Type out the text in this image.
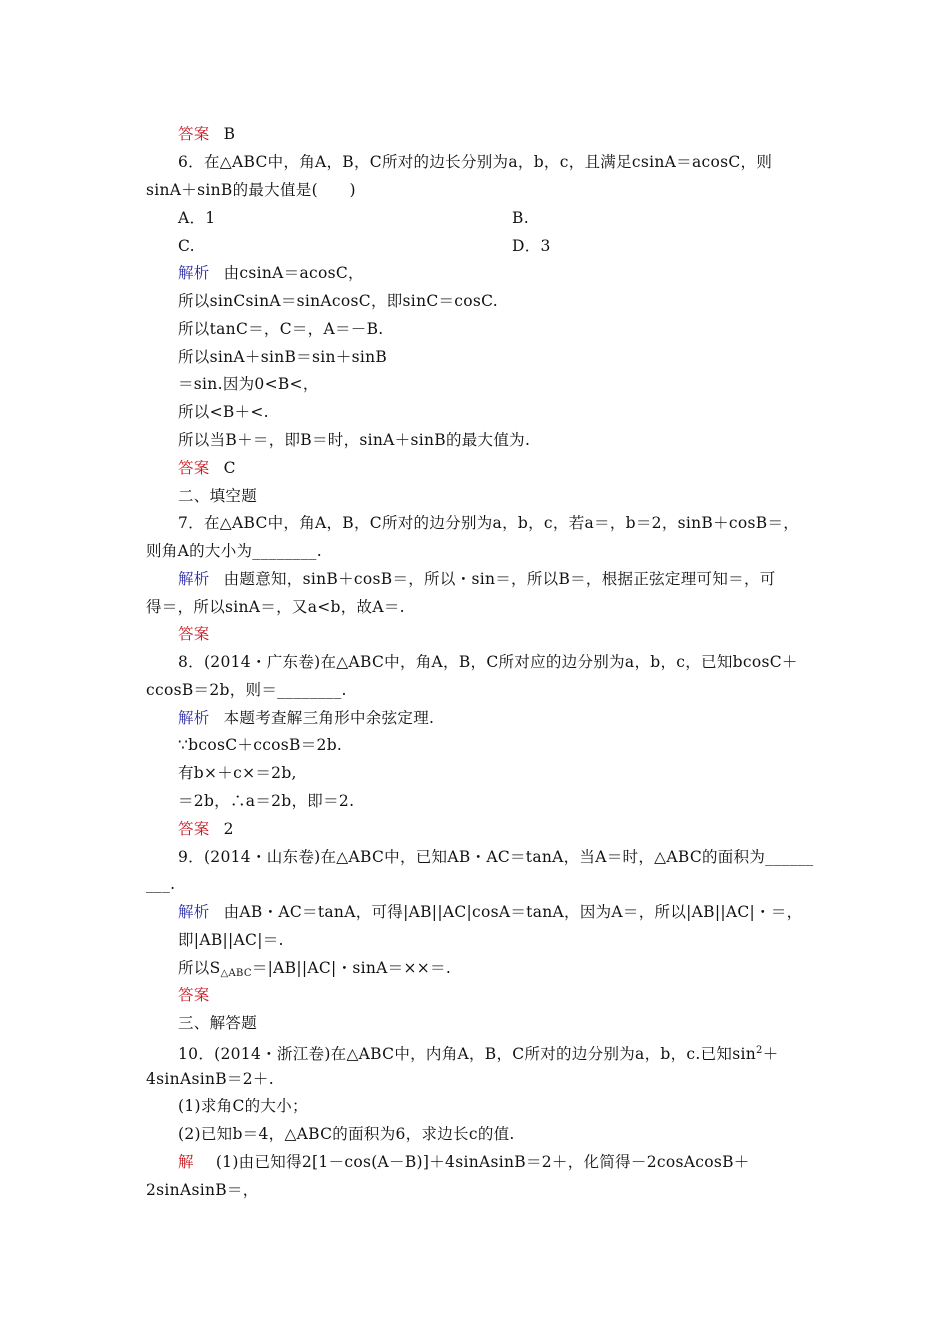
答案 B
6．在△ABC中，角A，B，C所对的边长分别为a，b，c，且满足csinA＝acosC，则
sinA＋sinB的最大值是(　　)
A．1	B.
C.	D．3
解析 由csinA＝acosC，
所以sinCsinA＝sinAcosC，即sinC＝cosC.
所以tanC＝，C＝，A＝－B.
所以sinA＋sinB＝sin＋sinB
＝sin.因为0<B<，
所以<B＋<.
所以当B＋＝，即B＝时，sinA＋sinB的最大值为.
答案 C
二、填空题
7．在△ABC中，角A，B，C所对的边分别为a，b，c，若a＝，b＝2，sinB＋cosB＝，
则角A的大小为________.
解析 由题意知，sinB＋cosB＝，所以・sin＝，所以B＝，根据正弦定理可知＝，可
得＝，所以sinA＝，又a<b，故A＝.
答案
8．(2014・广东卷)在△ABC中，角A，B，C所对应的边分别为a，b，c，已知bcosC＋
ccosB＝2b，则＝________.
解析 本题考查解三角形中余弦定理.
∵bcosC＋ccosB＝2b.
有b×＋c×＝2b,
＝2b，∴a＝2b，即＝2.
答案 2
9．(2014・山东卷)在△ABC中，已知AB・AC＝tanA，当A＝时，△ABC的面积为______
___.
解析 由AB・AC＝tanA，可得|AB||AC|cosA＝tanA，因为A＝，所以|AB||AC|・＝，
即|AB||AC|＝.
所以$S_{\triangle ABC}=|AB||AC|$・sinA＝××＝.
答案
三、解答题
10．(2014・浙江卷)在△ABC中，内角A，B，C所对的边分别为a，b，c.已知$\sin^2+$
4sinAsinB＝2＋.
(1)求角C的大小；
(2)已知b＝4，△ABC的面积为6，求边长c的值.
解 (1)由已知得2[1－cos(A－B)]＋4sinAsinB＝2＋，化简得－2cosAcosB＋
2sinAsinB＝，
